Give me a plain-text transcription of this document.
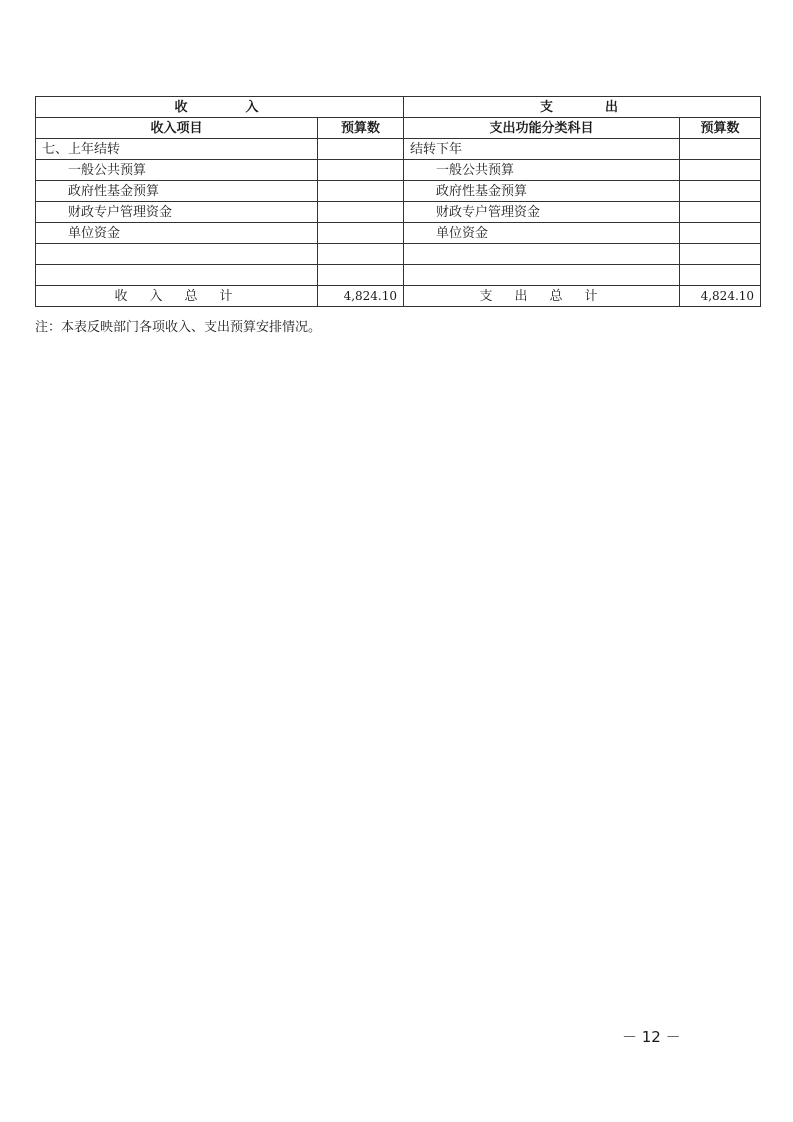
收入		支出	
收入项目	预算数	支出功能分类科目	预算数
七、上年结转		结转下年	
一般公共预算		一般公共预算	
政府性基金预算		政府性基金预算	
财政专户管理资金		财政专户管理资金	
单位资金		单位资金	

收入总计	4,824.10	支出总计	4,824.10
注：本表反映部门各项收入、支出预算安排情况。
－ 12 －
